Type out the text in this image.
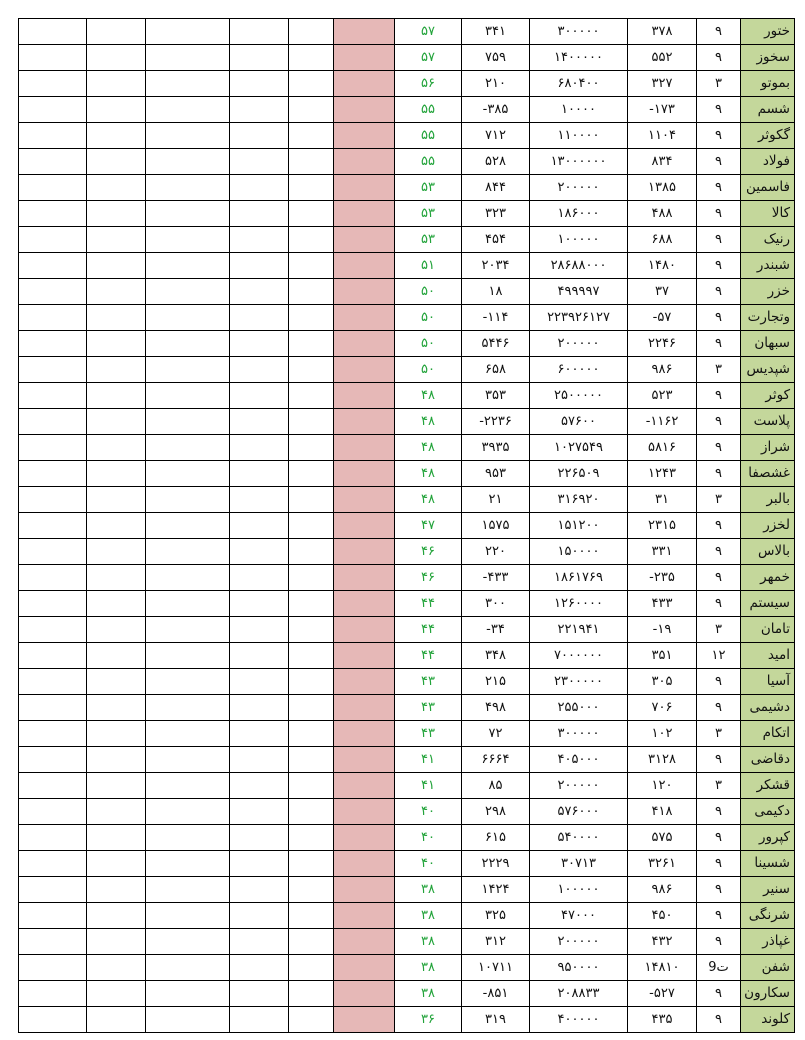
						۵۷	۳۴۱	۳۰۰۰۰۰	۳۷۸	۹	ختور
						۵۷	۷۵۹	۱۴۰۰۰۰۰	۵۵۲	۹	سخوز
						۵۶	۲۱۰	۶۸۰۴۰۰	۳۲۷	۳	بموتو
						۵۵	-۳۸۵	۱۰۰۰۰	-۱۷۳	۹	شسم
						۵۵	۷۱۲	۱۱۰۰۰۰	۱۱۰۴	۹	گکوثر
						۵۵	۵۲۸	۱۳۰۰۰۰۰۰	۸۳۴	۹	فولاد
						۵۳	۸۴۴	۲۰۰۰۰۰	۱۳۸۵	۹	فاسمین
						۵۳	۳۲۳	۱۸۶۰۰۰	۴۸۸	۹	کالا
						۵۳	۴۵۴	۱۰۰۰۰۰	۶۸۸	۹	رنیک
						۵۱	۲۰۳۴	۲۸۶۸۸۰۰۰	۱۴۸۰	۹	شبندر
						۵۰	۱۸	۴۹۹۹۹۷	۳۷	۹	خزر
						۵۰	-۱۱۴	۲۲۳۹۲۶۱۲۷	-۵۷	۹	وتجارت
						۵۰	۵۴۴۶	۲۰۰۰۰۰	۲۲۴۶	۹	سبهان
						۵۰	۶۵۸	۶۰۰۰۰۰	۹۸۶	۳	شپدیس
						۴۸	۳۵۳	۲۵۰۰۰۰۰	۵۲۳	۹	کوثر
						۴۸	-۲۲۳۶	۵۷۶۰۰	-۱۱۶۲	۹	پلاست
						۴۸	۳۹۳۵	۱۰۲۷۵۴۹	۵۸۱۶	۹	شراز
						۴۸	۹۵۳	۲۲۶۵۰۹	۱۲۴۳	۹	غشصفا
						۴۸	۲۱	۳۱۶۹۲۰	۳۱	۳	بالبر
						۴۷	۱۵۷۵	۱۵۱۲۰۰	۲۳۱۵	۹	لخزر
						۴۶	۲۲۰	۱۵۰۰۰۰	۳۳۱	۹	بالاس
						۴۶	-۴۳۳	۱۸۶۱۷۶۹	-۲۳۵	۹	خمهر
						۴۴	۳۰۰	۱۲۶۰۰۰۰	۴۳۳	۹	سیستم
						۴۴	-۳۴	۲۲۱۹۴۱	-۱۹	۳	تامان
						۴۴	۳۴۸	۷۰۰۰۰۰۰	۳۵۱	۱۲	امید
						۴۳	۲۱۵	۲۳۰۰۰۰۰	۳۰۵	۹	آسیا
						۴۳	۴۹۸	۲۵۵۰۰۰	۷۰۶	۹	دشیمی
						۴۳	۷۲	۳۰۰۰۰۰	۱۰۲	۳	اتکام
						۴۱	۶۶۶۴	۴۰۵۰۰۰	۳۱۲۸	۹	دقاضی
						۴۱	۸۵	۲۰۰۰۰۰	۱۲۰	۳	قشکر
						۴۰	۲۹۸	۵۷۶۰۰۰	۴۱۸	۹	دکیمی
						۴۰	۶۱۵	۵۴۰۰۰۰	۵۷۵	۹	کپرور
						۴۰	۲۲۲۹	۳۰۷۱۳	۳۲۶۱	۹	شسینا
						۳۸	۱۴۲۴	۱۰۰۰۰۰	۹۸۶	۹	سنیر
						۳۸	۳۲۵	۴۷۰۰۰	۴۵۰	۹	شرنگی
						۳۸	۳۱۲	۲۰۰۰۰۰	۴۳۲	۹	غپاذر
						۳۸	۱۰۷۱۱	۹۵۰۰۰۰	۱۴۸۱۰	9ت	شفن
						۳۸	-۸۵۱	۲۰۸۸۳۳	-۵۲۷	۹	سکارون
						۳۶	۳۱۹	۴۰۰۰۰۰	۴۳۵	۹	کلوند
